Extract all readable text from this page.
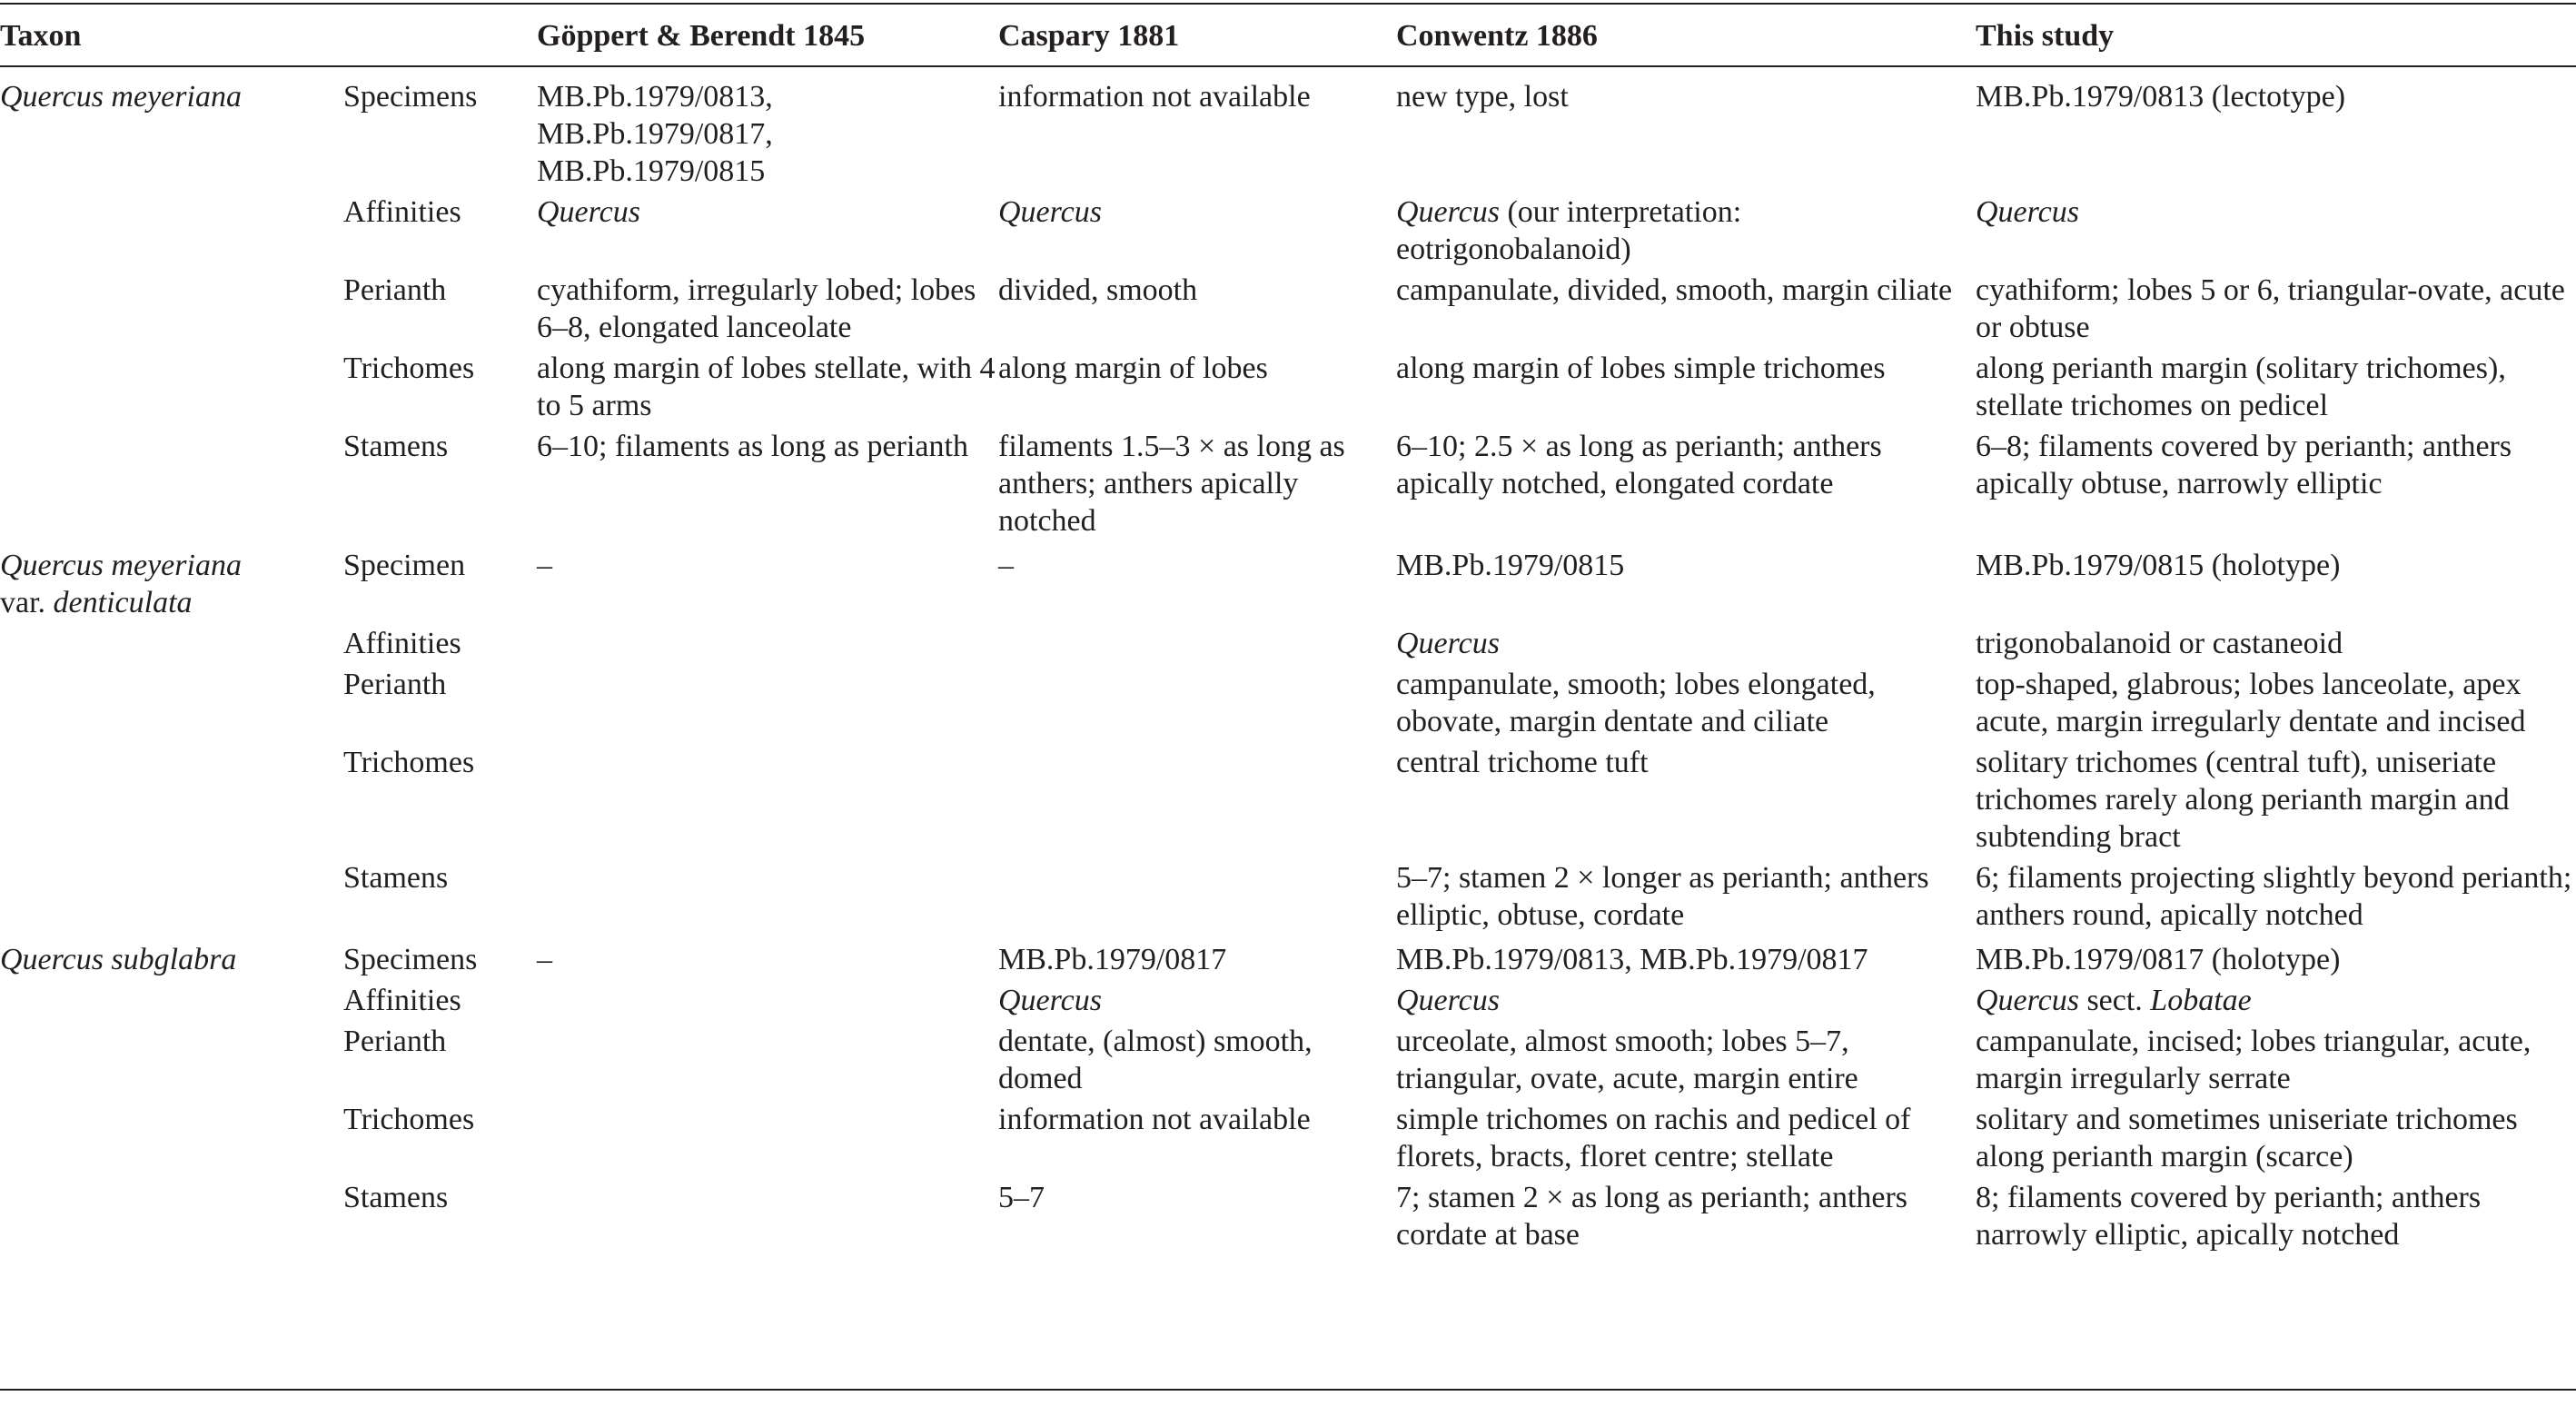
Taxon		Göppert & Berendt 1845	Caspary 1881	Conwentz 1886	This study
Quercus meyeriana	Specimens	MB.Pb.1979/0813, MB.Pb.1979/0817, MB.Pb.1979/0815	information not available	new type, lost	MB.Pb.1979/0813 (lectotype)
	Affinities	Quercus	Quercus	Quercus (our interpretation: eotrigonobalanoid)	Quercus
	Perianth	cyathiform, irregularly lobed; lobes 6–8, elongated lanceolate	divided, smooth	campanulate, divided, smooth, margin ciliate	cyathiform; lobes 5 or 6, triangular-ovate, acute or obtuse
	Trichomes	along margin of lobes stellate, with 4 to 5 arms	along margin of lobes	along margin of lobes simple trichomes	along perianth margin (solitary trichomes), stellate trichomes on pedicel
	Stamens	6–10; filaments as long as perianth	filaments 1.5–3 × as long as anthers; anthers apically notched	6–10; 2.5 × as long as perianth; anthers apically notched, elongated cordate	6–8; filaments covered by perianth; anthers apically obtuse, narrowly elliptic
Quercus meyeriana
var. denticulata	Specimen	–	–	MB.Pb.1979/0815	MB.Pb.1979/0815 (holotype)
	Affinities			Quercus	trigonobalanoid or castaneoid
	Perianth			campanulate, smooth; lobes elongated, obovate, margin dentate and ciliate	top-shaped, glabrous; lobes lanceolate, apex acute, margin irregularly dentate and incised
	Trichomes			central trichome tuft	solitary trichomes (central tuft), uniseriate trichomes rarely along perianth margin and subtending bract
	Stamens			5–7; stamen 2 × longer as perianth; anthers elliptic, obtuse, cordate	6; filaments projecting slightly beyond perianth; anthers round, apically notched
Quercus subglabra	Specimens	–	MB.Pb.1979/0817	MB.Pb.1979/0813, MB.Pb.1979/0817	MB.Pb.1979/0817 (holotype)
	Affinities		Quercus	Quercus	Quercus sect. Lobatae
	Perianth		dentate, (almost) smooth, domed	urceolate, almost smooth; lobes 5–7, triangular, ovate, acute, margin entire	campanulate, incised; lobes triangular, acute, margin irregularly serrate
	Trichomes		information not available	simple trichomes on rachis and pedicel of florets, bracts, floret centre; stellate	solitary and sometimes uniseriate trichomes along perianth margin (scarce)
	Stamens		5–7	7; stamen 2 × as long as perianth; anthers cordate at base	8; filaments covered by perianth; anthers narrowly elliptic, apically notched
